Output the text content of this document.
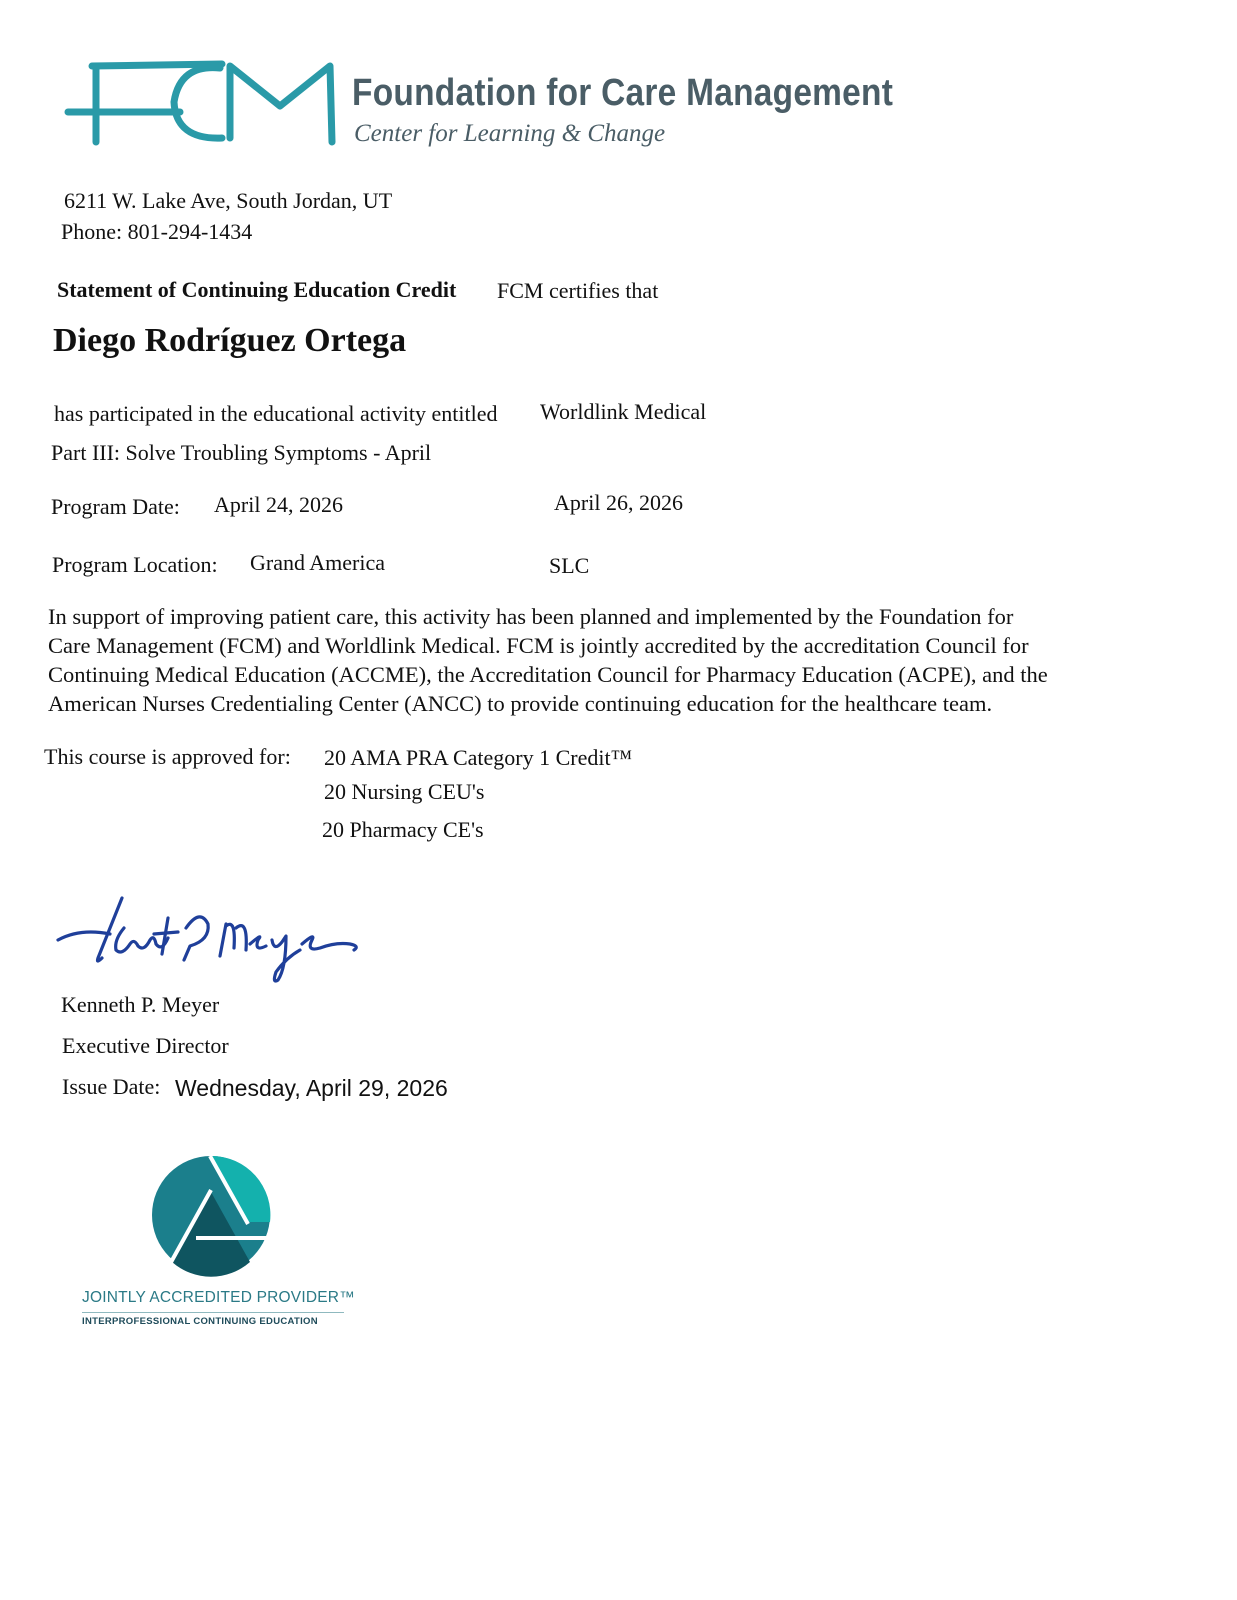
Foundation for Care Management
Center for Learning & Change
6211 W. Lake Ave, South Jordan, UT
Phone: 801-294-1434
Statement of Continuing Education Credit FCM certifies that
Diego Rodríguez Ortega
has participated in the educational activity entitled Worldlink Medical
Part III: Solve Troubling Symptoms - April
Program Date: April 24, 2026	April 26, 2026
Program Location: Grand America	SLC
In support of improving patient care, this activity has been planned and implemented by the Foundation for
Care Management (FCM) and Worldlink Medical. FCM is jointly accredited by the accreditation Council for
Continuing Medical Education (ACCME), the Accreditation Council for Pharmacy Education (ACPE), and the
American Nurses Credentialing Center (ANCC) to provide continuing education for the healthcare team.
This course is approved for: 20 AMA PRA Category 1 Credit™
20 Nursing CEU's
20 Pharmacy CE's
Kenneth P. Meyer
Executive Director
Issue Date: Wednesday, April 29, 2026
JOINTLY ACCREDITED PROVIDER™
INTERPROFESSIONAL CONTINUING EDUCATION
